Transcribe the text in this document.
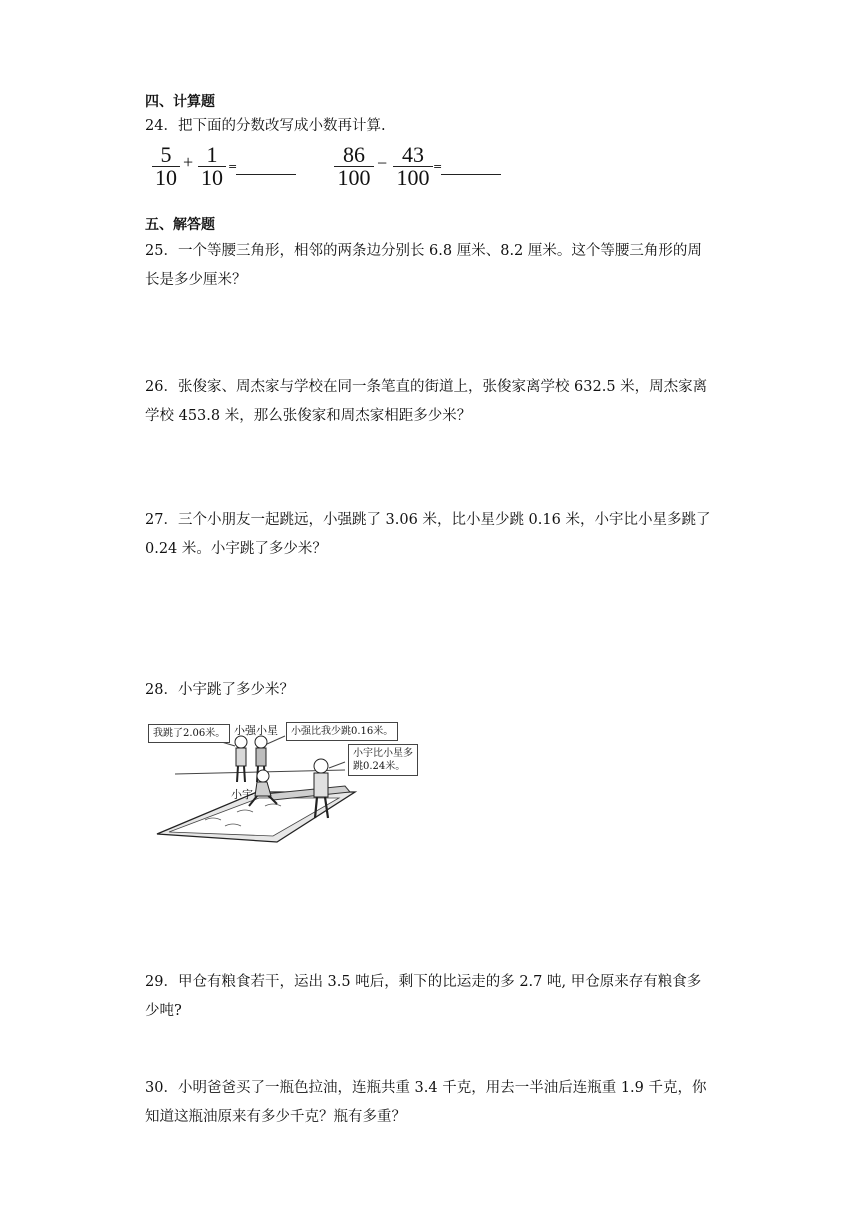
四、计算题
24．把下面的分数改写成小数再计算.
5
10
+ 1
10 =	86
100
− 43
100 =
五、解答题
25．一个等腰三角形，相邻的两条边分别长 6.8 厘米、8.2 厘米。这个等腰三角形的周
长是多少厘米？
26．张俊家、周杰家与学校在同一条笔直的街道上，张俊家离学校 632.5 米，周杰家离
学校 453.8 米，那么张俊家和周杰家相距多少米？
27．三个小朋友一起跳远，小强跳了 3.06 米，比小星少跳 0.16 米，小宇比小星多跳了
0.24 米。小宇跳了多少米？
28．小宇跳了多少米？
我跳了2.06米。	小强比我少跳0.16米。
小宇比小星多
跳0.24米。
小强小星
小宇
29．甲仓有粮食若干，运出 3.5 吨后，剩下的比运走的多 2.7 吨, 甲仓原来存有粮食多
少吨?
30．小明爸爸买了一瓶色拉油，连瓶共重 3.4 千克，用去一半油后连瓶重 1.9 千克，你
知道这瓶油原来有多少千克？瓶有多重？
